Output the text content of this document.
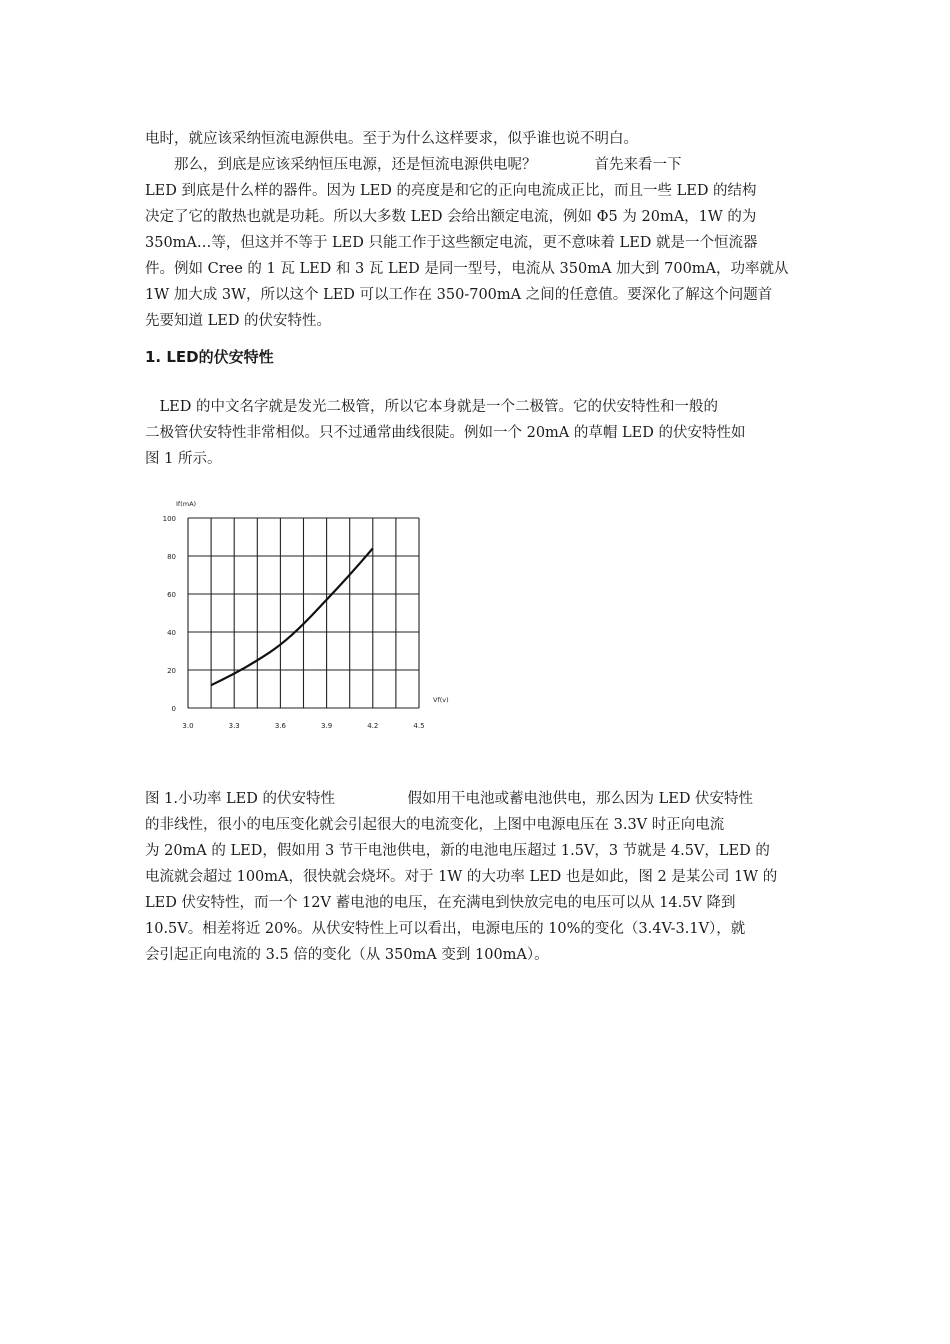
电时，就应该采纳恒流电源供电。至于为什么这样要求，似乎谁也说不明白。
　　那么，到底是应该采纳恒压电源，还是恒流电源供电呢？　　　　首先来看一下
LED 到底是什么样的器件。因为 LED 的亮度是和它的正向电流成正比，而且一些 LED 的结构
决定了它的散热也就是功耗。所以大多数 LED 会给出额定电流，例如 Φ5 为 20mA，1W 的为
350mA…等，但这并不等于 LED 只能工作于这些额定电流，更不意味着 LED 就是一个恒流器
件。例如 Cree 的 1 瓦 LED 和 3 瓦 LED 是同一型号，电流从 350mA 加大到 700mA，功率就从
1W 加大成 3W，所以这个 LED 可以工作在 350-700mA 之间的任意值。要深化了解这个问题首
先要知道 LED 的伏安特性。

1. LED的伏安特性

　LED 的中文名字就是发光二极管，所以它本身就是一个二极管。它的伏安特性和一般的
二极管伏安特性非常相似。只不过通常曲线很陡。例如一个 20mA 的草帽 LED 的伏安特性如
图 1 所示。

3.0	3.3	3.6	3.9	4.2	4.5
100
80
60
40
20
0
If(mA)
Vf(v)

图 1.小功率 LED 的伏安特性　　　　　假如用干电池或蓄电池供电，那么因为 LED 伏安特性
的非线性，很小的电压变化就会引起很大的电流变化，上图中电源电压在 3.3V 时正向电流
为 20mA 的 LED，假如用 3 节干电池供电，新的电池电压超过 1.5V，3 节就是 4.5V，LED 的
电流就会超过 100mA，很快就会烧坏。对于 1W 的大功率 LED 也是如此，图 2 是某公司 1W 的
LED 伏安特性，而一个 12V 蓄电池的电压，在充满电到快放完电的电压可以从 14.5V 降到
10.5V。相差将近 20%。从伏安特性上可以看出，电源电压的 10%的变化（3.4V-3.1V），就
会引起正向电流的 3.5 倍的变化（从 350mA 变到 100mA）。
